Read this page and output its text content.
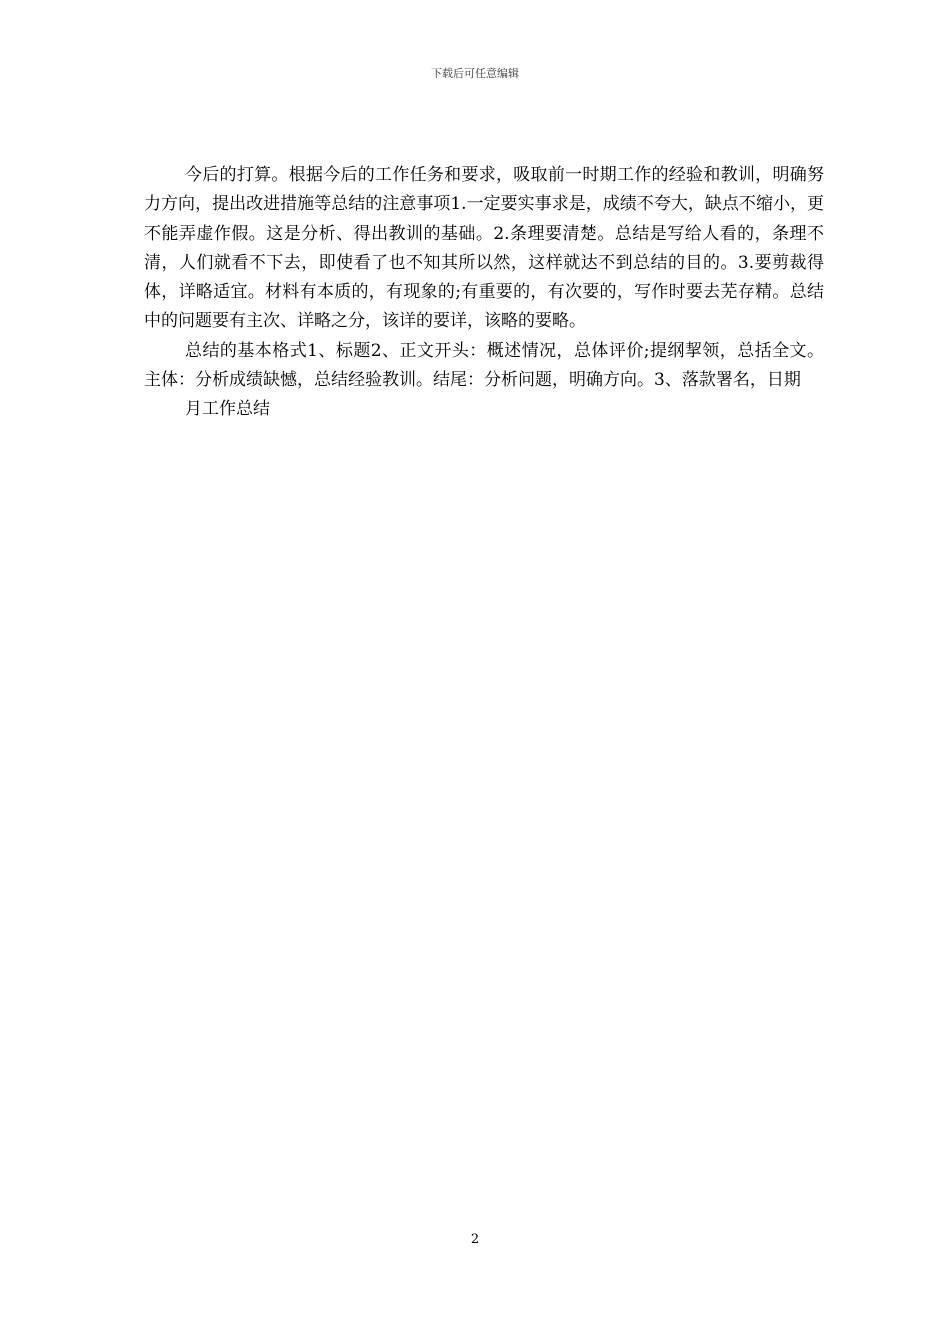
下载后可任意编辑

今后的打算。根据今后的工作任务和要求，吸取前一时期工作的经验和教训，明确努力方向，提出改进措施等总结的注意事项1.一定要实事求是，成绩不夸大，缺点不缩小，更不能弄虚作假。这是分析、得出教训的基础。2.条理要清楚。总结是写给人看的，条理不清，人们就看不下去，即使看了也不知其所以然，这样就达不到总结的目的。3.要剪裁得体，详略适宜。材料有本质的，有现象的;有重要的，有次要的，写作时要去芜存精。总结中的问题要有主次、详略之分，该详的要详，该略的要略。

总结的基本格式1、标题2、正文开头：概述情况，总体评价;提纲挈领，总括全文。主体：分析成绩缺憾，总结经验教训。结尾：分析问题，明确方向。3、落款署名，日期

月工作总结

2
